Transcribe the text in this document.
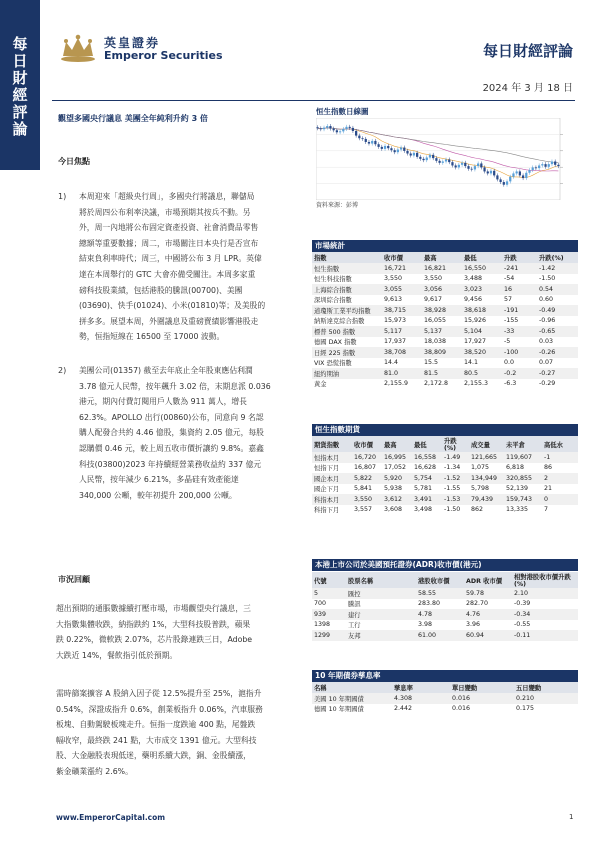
每日財經評論
英皇證券
Emperor Securities	每日財經評論
2024 年 3 月 18 日
觀望多國央行議息 美團全年純利升約 3 倍
今日焦點
1) 本周迎來「超級央行周」，多國央行將議息，聯儲局
將於周四公布利率決議，市場預期其按兵不動。另
外，周一內地將公布固定資產投資、社會消費品零售
總額等重要數據；周二，市場關注日本央行是否宣布
結束負利率時代；周三，中國將公布 3 月 LPR。英偉
達在本周舉行的 GTC 大會亦備受關注。本周多家重
磅科技股業績，包括港股的騰訊(00700)、美團
(03690)、快手(01024)、小米(01810)等；及美股的
拼多多。展望本周，外圍議息及重磅賣績影響港股走
勢，恒指短線在 16500 至 17000 波動。
2) 美團公司(01357) 截至去年底止全年股東應佔利潤
3.78 億元人民幣，按年飆升 3.02 倍，末期息派 0.036
港元，期內付費訂閱用戶人數為 911 萬人，增長
62.3%。APOLLO 出行(00860)公布，同意向 9 名認
購人配發合共約 4.46 億股，集資約 2.05 億元，每股
認購價 0.46 元，較上周五收市價折讓約 9.8%。嘉鑫
科技(03800)2023 年持續經營業務收益約 337 億元
人民幣，按年減少 6.21%，多晶硅有效產能達
340,000 公噸，較年初提升 200,000 公噸。
市況回顧
超出預期的通脹數據續打壓市場，市場觀望央行議息，三
大指數集體收跌，納指跌約 1%，大型科技股普跌，蘋果
跌 0.22%，微軟跌 2.07%，芯片股錄連跌三日，Adobe
大跌近 14%，餐飲指引低於預期。
需時篩案擴容 A 股納入因子從 12.5%提升至 25%，滬指升
0.54%，深證成指升 0.6%，創業板指升 0.06%，汽車服務
板塊、自動駕駛板塊走升。恒指一度跌逾 400 點，尾盤跌
幅收窄，最終跌 241 點，大市成交 1391 億元。大型科技
股、大金融股表現低迷，藥明系續大跌，銅、金股續漲，
紫金礦業漲約 2.6%。
恒生指數日線圖
資料來源：彭博
市場統計
指數	收市價	最高	最低	升跌	升跌(%)
恒生指數	16,721	16,821	16,550	-241	-1.42
恒生科技指數	3,550	3,550	3,488	-54	-1.50
上海綜合指數	3,055	3,056	3,023	16	0.54
深圳綜合指數	9,613	9,617	9,456	57	0.60
道瓊斯工業平均指數	38,715	38,928	38,618	-191	-0.49
納斯達克綜合指數	15,973	16,055	15,926	-155	-0.96
標普 500 指數	5,117	5,137	5,104	-33	-0.65
德國 DAX 指數	17,937	18,038	17,927	-5	0.03
日經 225 指數	38,708	38,809	38,520	-100	-0.26
VIX 恐慌指數	14.4	15.5	14.1	0.0	0.07
紐約期油	81.0	81.5	80.5	-0.2	-0.27
黃金	2,155.9	2,172.8	2,155.3	-6.3	-0.29
恒生指數期貨
期貨指數	收市價	最高	最低	升跌(%)	成交量	未平倉	高低水
恒指本月	16,720	16,995	16,558	-1.49	121,665	119,607	-1
恒指下月	16,807	17,052	16,628	-1.34	1,075	6,818	86
國企本月	5,822	5,920	5,754	-1.52	134,949	320,855	2
國企下月	5,841	5,938	5,781	-1.55	5,798	52,139	21
科指本月	3,550	3,612	3,491	-1.53	79,439	159,743	0
科指下月	3,557	3,608	3,498	-1.50	862	13,335	7
本港上市公司於美國預托證券(ADR)收市價(港元)
代號	股票名稱	港股收市價	ADR 收市價	相對港股收市價升跌(%)
5	匯控	58.55	59.78	2.10
700	騰訊	283.80	282.70	-0.39
939	建行	4.78	4.76	-0.34
1398	工行	3.98	3.96	-0.55
1299	友邦	61.00	60.94	-0.11
10 年期債券孳息率
名稱	孳息率	單日變動	五日變動
美國 10 年期國債	4.308	0.016	0.210
德國 10 年期國債	2.442	0.016	0.175
www.EmperorCapital.com	1
